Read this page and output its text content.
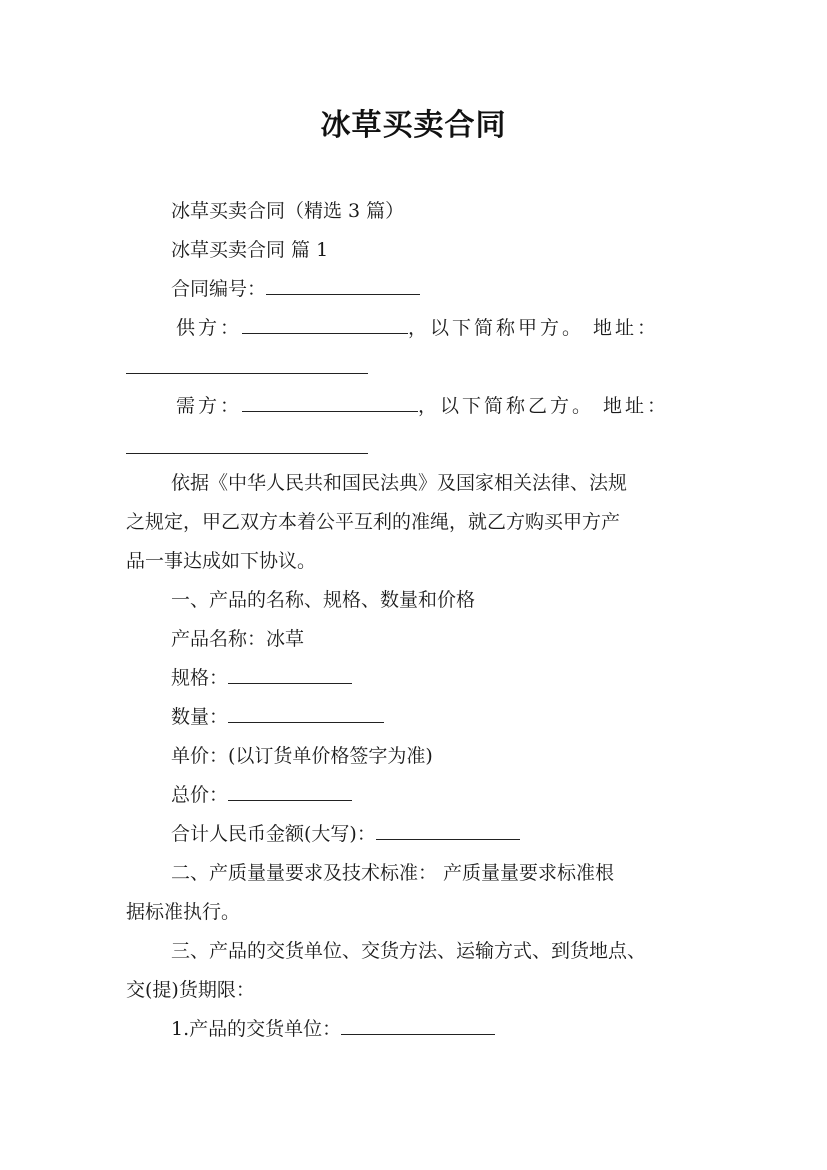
冰草买卖合同
冰草买卖合同（精选 3 篇）
冰草买卖合同 篇 1
合同编号：
供方：	，以下简称甲方。 地址：
需方：	，以下简称乙方。 地址：
依据《中华人民共和国民法典》及国家相关法律、法规
之规定，甲乙双方本着公平互利的准绳，就乙方购买甲方产
品一事达成如下协议。
一、产品的名称、规格、数量和价格
产品名称：冰草
规格：
数量：
单价：(以订货单价格签字为准)
总价：
合计人民币金额(大写)：
二、产质量量要求及技术标准： 产质量量要求标准根
据标准执行。
三、产品的交货单位、交货方法、运输方式、到货地点、
交(提)货期限：
1.产品的交货单位：
